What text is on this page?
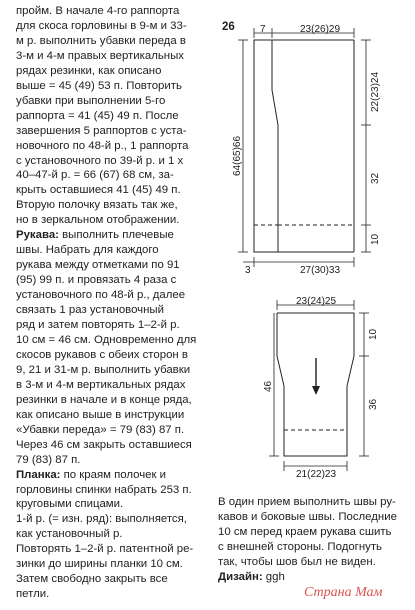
пройм. В начале 4-го раппорта

для скоса горловины в 9-м и 33-

м р. выполнить убавки переда в

3-м и 4-м правых вертикальных

рядах резинки, как описано

выше = 45 (49) 53 п. Повторить

убавки при выполнении 5-го

раппорта = 41 (45) 49 п. После

завершения 5 раппортов с уста-

новочного по 48-й р., 1 раппорта

с установочного по 39-й р. и 1 х

40–47-й р. = 66 (67) 68 см, за-

крыть оставшиеся 41 (45) 49 п.

Вторую полочку вязать так же,

но в зеркальном отображении.

Рукава: выполнить плечевые

швы. Набрать для каждого

рукава между отметками по 91

(95) 99 п. и провязать 4 раза с

установочного по 48-й р., далее

связать 1 раз установочный

ряд и затем повторять 1–2-й р.

10 см = 46 см. Одновременно для

скосов рукавов с обеих сторон в

9, 21 и 31-м р. выполнить убавки

в 3-м и 4-м вертикальных рядах

резинки в начале и в конце ряда,

как описано выше в инструкции

«Убавки переда» = 79 (83) 87 п.

Через 46 см закрыть оставшиеся

79 (83) 87 п.

Планка: по краям полочек и

горловины спинки набрать 253 п.

круговыми спицами.

1-й р. (= изн. ряд): выполняется,

как установочный р.

Повторять 1–2-й р. патентной ре-

зинки до ширины планки 10 см.

Затем свободно закрыть все

петли.

26	7	23(26)29
22(23)24
32
10
64(65)66
3	27(30)33
23(24)25
10
36
46
21(22)23

В один прием выполнить швы ру-

кавов и боковые швы. Последние

10 см перед краем рукава сшить

с внешней стороны. Подогнуть

так, чтобы шов был не виден.

Дизайн: ggh

Страна Мам
